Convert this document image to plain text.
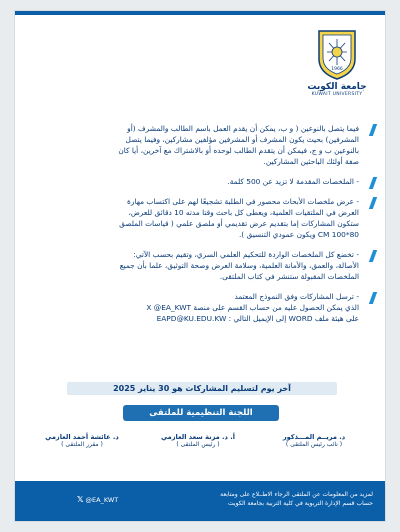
1966
جامعة الكويت
KUWAIT UNIVERSITY
فيما يتصل بالنوعين ( و ب، يمكن أن يقدم العمل باسم الطالب والمشرف (أو
المشرفين) بحيث يكون المشرف أو المشرفين مؤلفين مشاركين، وفيما يتصل
بالنوعين ب و ج، فيمكن أن يتقدم الطالب لوحده أو بالاشتراك مع آخرين، أيا كان
صفة أولئك الباحثين المشاركين.
- الملخصات المقدمة لا تزيد عن 500 كلمة.
- عرض ملخصات الأبحاث محصور في الطلبة تشجيعًا لهم على اكتساب مهارة
العرض في الملتقيات العلمية، ويعطى كل باحث وقتا مدته 10 دقائق للعرض،
ستكون المشاركات إما بتقديم عرض تقديمي أو ملصق علمي ( قياسات الملصق
80*100 CM ويكون عمودي التنسيق ).
- تخضع كل الملخصات الواردة للتحكيم العلمي السري، وتقيم بحسب الآتي:
الأصالة، والعمق، والأمانة العلمية، وسلامة العرض وصحة التوثيق، علما بأن جميع
الملخصات المقبولة ستنشر في كتاب الملتقى.
- ترسل المشاركات وفق النموذج المعتمد
الذي يمكن الحصول عليه من حساب القسم على منصة X @EA_KWT
على هيئة ملف WORD إلى الإيميل التالي : EAPD@KU.EDU.KW
آخر يوم لتسليم المشاركات هو 30 يناير 2025
اللجنة التنظيمية للملتقى
د. مريــم المـــذكور
( نائب رئيس الملتقى )
أ. د. مزنة سعد العازمي
( رئيس الملتقى )
د. عائشة أحمد العازمي
( مقرر الملتقى )
لمزيد من المعلومات عن الملتقى الرجاء الاطــلاع على ومتابعة
حساب قسم الإدارة التربوية في كلية التربية بجامعة الكويت
𝕏 @EA_KWT
